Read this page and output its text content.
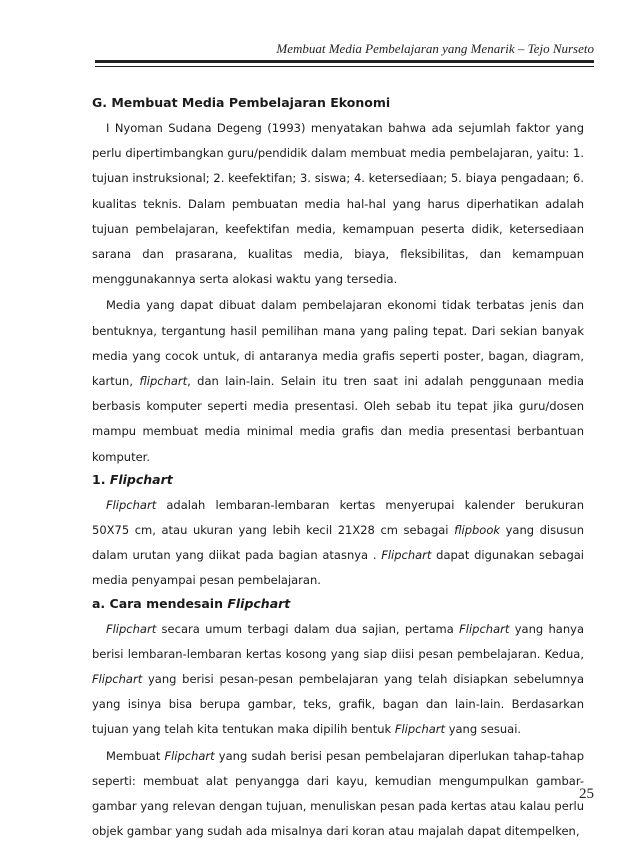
Membuat Media Pembelajaran yang Menarik – Tejo Nurseto
G. Membuat Media Pembelajaran Ekonomi

I Nyoman Sudana Degeng (1993) menyatakan bahwa ada sejumlah faktor yang perlu dipertimbangkan guru/pendidik dalam membuat media pembelajaran, yaitu: 1. tujuan instruksional; 2. keefektifan; 3. siswa; 4. ketersediaan; 5. biaya pengadaan; 6. kualitas teknis. Dalam pembuatan media hal-hal yang harus diperhatikan adalah tujuan pembelajaran, keefektifan media, kemampuan peserta didik, ketersediaan sarana dan prasarana, kualitas media, biaya, fleksibilitas, dan kemampuan menggunakannya serta alokasi waktu yang tersedia.

Media yang dapat dibuat dalam pembelajaran ekonomi tidak terbatas jenis dan bentuknya, tergantung hasil pemilihan mana yang paling tepat. Dari sekian banyak media yang cocok untuk, di antaranya media grafis seperti poster, bagan, diagram, kartun, flipchart, dan lain-lain. Selain itu tren saat ini adalah penggunaan media berbasis komputer seperti media presentasi. Oleh sebab itu tepat jika guru/dosen mampu membuat media minimal media grafis dan media presentasi berbantuan komputer.

1. Flipchart

Flipchart adalah lembaran-lembaran kertas menyerupai kalender berukuran 50X75 cm, atau ukuran yang lebih kecil 21X28 cm sebagai flipbook yang disusun dalam urutan yang diikat pada bagian atasnya . Flipchart dapat digunakan sebagai media penyampai pesan pembelajaran.

a. Cara mendesain Flipchart

Flipchart secara umum terbagi dalam dua sajian, pertama Flipchart yang hanya berisi lembaran-lembaran kertas kosong yang siap diisi pesan pembelajaran. Kedua, Flipchart yang berisi pesan-pesan pembelajaran yang telah disiapkan sebelumnya yang isinya bisa berupa gambar, teks, grafik, bagan dan lain-lain. Berdasarkan tujuan yang telah kita tentukan maka dipilih bentuk Flipchart yang sesuai.

Membuat Flipchart yang sudah berisi pesan pembelajaran diperlukan tahap-tahap seperti: membuat alat penyangga dari kayu, kemudian mengumpulkan gambar-gambar yang relevan dengan tujuan, menuliskan pesan pada kertas atau kalau perlu objek gambar yang sudah ada misalnya dari koran atau majalah dapat ditempelken,

25
